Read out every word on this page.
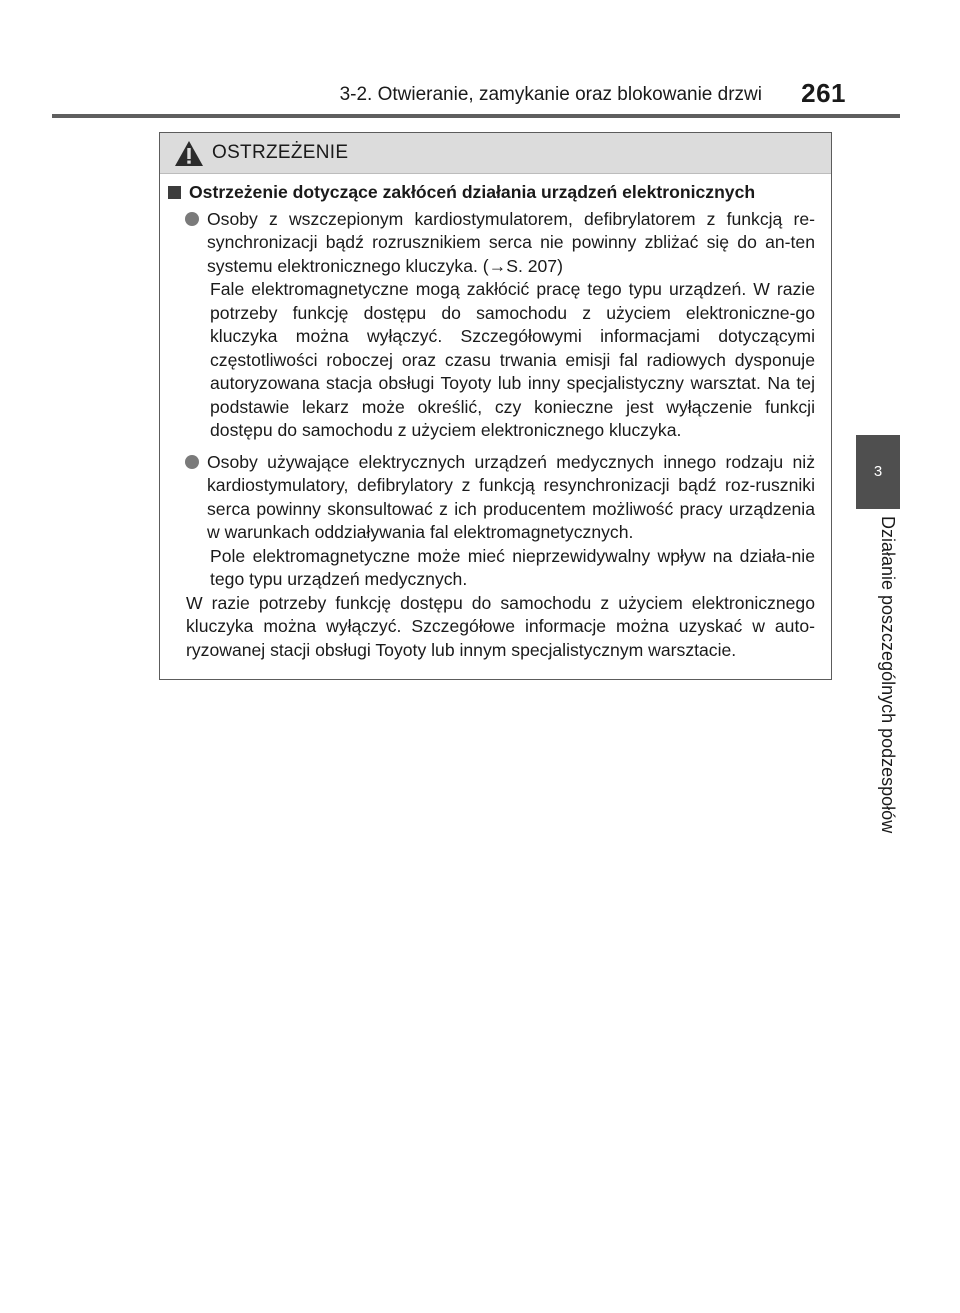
3-2. Otwieranie, zamykanie oraz blokowanie drzwi 261
3
Działanie poszczególnych podzespołów
OSTRZEŻENIE
Ostrzeżenie dotyczące zakłóceń działania urządzeń elektronicznych

Osoby z wszczepionym kardiostymulatorem, defibrylatorem z funkcją re-synchronizacji bądź rozrusznikiem serca nie powinny zbliżać się do an-ten systemu elektronicznego kluczyka. (→S. 207)

Fale elektromagnetyczne mogą zakłócić pracę tego typu urządzeń. W razie potrzeby funkcję dostępu do samochodu z użyciem elektroniczne-go kluczyka można wyłączyć. Szczegółowymi informacjami dotyczącymi częstotliwości roboczej oraz czasu trwania emisji fal radiowych dysponuje autoryzowana stacja obsługi Toyoty lub inny specjalistyczny warsztat. Na tej podstawie lekarz może określić, czy konieczne jest wyłączenie funkcji dostępu do samochodu z użyciem elektronicznego kluczyka.

Osoby używające elektrycznych urządzeń medycznych innego rodzaju niż kardiostymulatory, defibrylatory z funkcją resynchronizacji bądź roz-ruszniki serca powinny skonsultować z ich producentem możliwość pracy urządzenia w warunkach oddziaływania fal elektromagnetycznych.

Pole elektromagnetyczne może mieć nieprzewidywalny wpływ na działa-nie tego typu urządzeń medycznych.

W razie potrzeby funkcję dostępu do samochodu z użyciem elektronicznego kluczyka można wyłączyć. Szczegółowe informacje można uzyskać w auto-ryzowanej stacji obsługi Toyoty lub innym specjalistycznym warsztacie.
